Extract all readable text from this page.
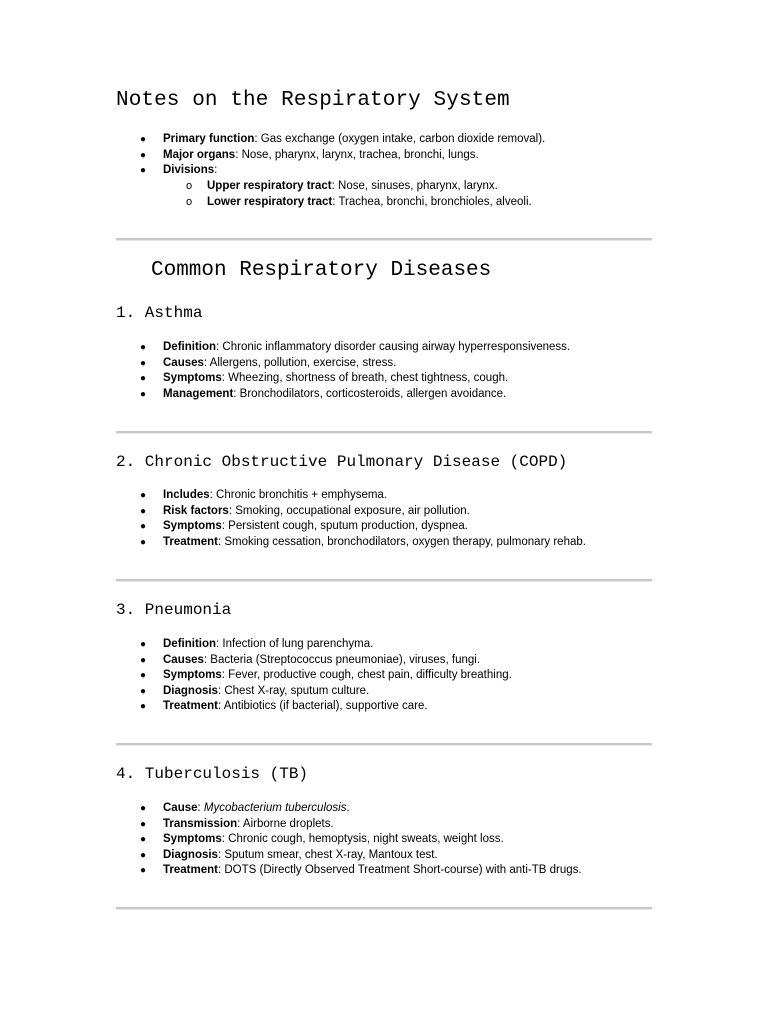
Notes on the Respiratory System
● Primary function: Gas exchange (oxygen intake, carbon dioxide removal).
● Major organs: Nose, pharynx, larynx, trachea, bronchi, lungs.
● Divisions:
o Upper respiratory tract: Nose, sinuses, pharynx, larynx.
o Lower respiratory tract: Trachea, bronchi, bronchioles, alveoli.
Common Respiratory Diseases
1. Asthma
● Definition: Chronic inflammatory disorder causing airway hyperresponsiveness.
● Causes: Allergens, pollution, exercise, stress.
● Symptoms: Wheezing, shortness of breath, chest tightness, cough.
● Management: Bronchodilators, corticosteroids, allergen avoidance.
2. Chronic Obstructive Pulmonary Disease (COPD)
● Includes: Chronic bronchitis + emphysema.
● Risk factors: Smoking, occupational exposure, air pollution.
● Symptoms: Persistent cough, sputum production, dyspnea.
● Treatment: Smoking cessation, bronchodilators, oxygen therapy, pulmonary rehab.
3. Pneumonia
● Definition: Infection of lung parenchyma.
● Causes: Bacteria (Streptococcus pneumoniae), viruses, fungi.
● Symptoms: Fever, productive cough, chest pain, difficulty breathing.
● Diagnosis: Chest X-ray, sputum culture.
● Treatment: Antibiotics (if bacterial), supportive care.
4. Tuberculosis (TB)
● Cause: Mycobacterium tuberculosis.
● Transmission: Airborne droplets.
● Symptoms: Chronic cough, hemoptysis, night sweats, weight loss.
● Diagnosis: Sputum smear, chest X-ray, Mantoux test.
● Treatment: DOTS (Directly Observed Treatment Short-course) with anti-TB drugs.
